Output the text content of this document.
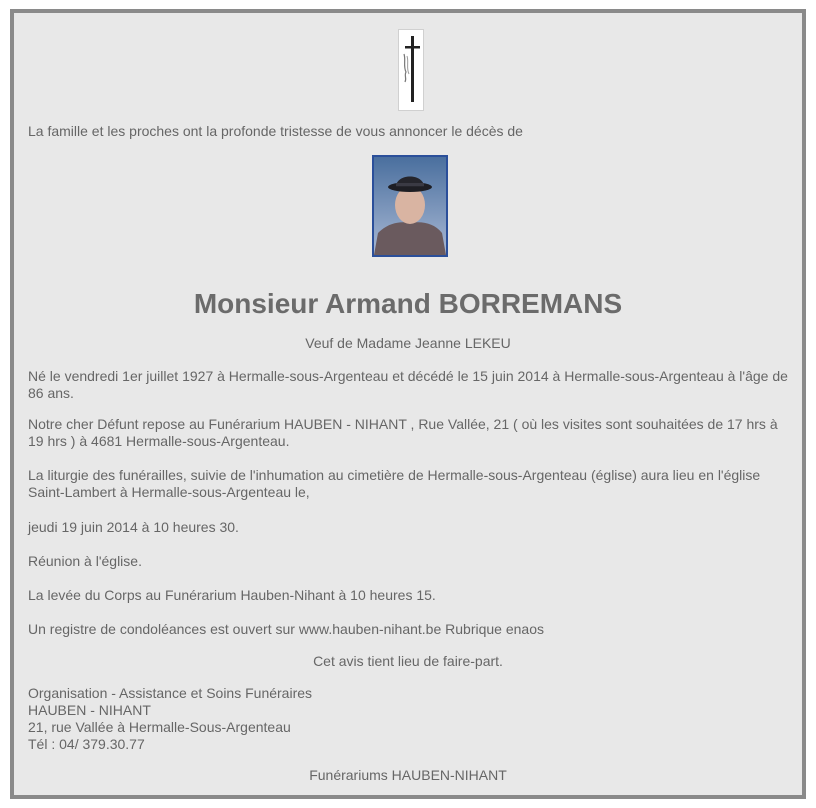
La famille et les proches ont la profonde tristesse de vous annoncer le décès de

Monsieur Armand BORREMANS

Veuf de Madame Jeanne LEKEU

Né le vendredi 1er juillet 1927 à Hermalle-sous-Argenteau et décédé le 15 juin 2014 à Hermalle-sous-Argenteau à l'âge de 86 ans.

Notre cher Défunt repose au Funérarium HAUBEN - NIHANT , Rue Vallée, 21 ( où les visites sont souhaitées de 17 hrs à 19 hrs ) à 4681 Hermalle-sous-Argenteau.

La liturgie des funérailles, suivie de l'inhumation au cimetière de Hermalle-sous-Argenteau (église) aura lieu en l'église Saint-Lambert à Hermalle-sous-Argenteau le,

jeudi 19 juin 2014 à 10 heures 30.

Réunion à l'église.

La levée du Corps au Funérarium Hauben-Nihant à 10 heures 15.

Un registre de condoléances est ouvert sur www.hauben-nihant.be Rubrique enaos

Cet avis tient lieu de faire-part.

Organisation - Assistance et Soins Funéraires

HAUBEN - NIHANT

21, rue Vallée à Hermalle-Sous-Argenteau

Tél : 04/ 379.30.77

Funérariums HAUBEN-NIHANT
